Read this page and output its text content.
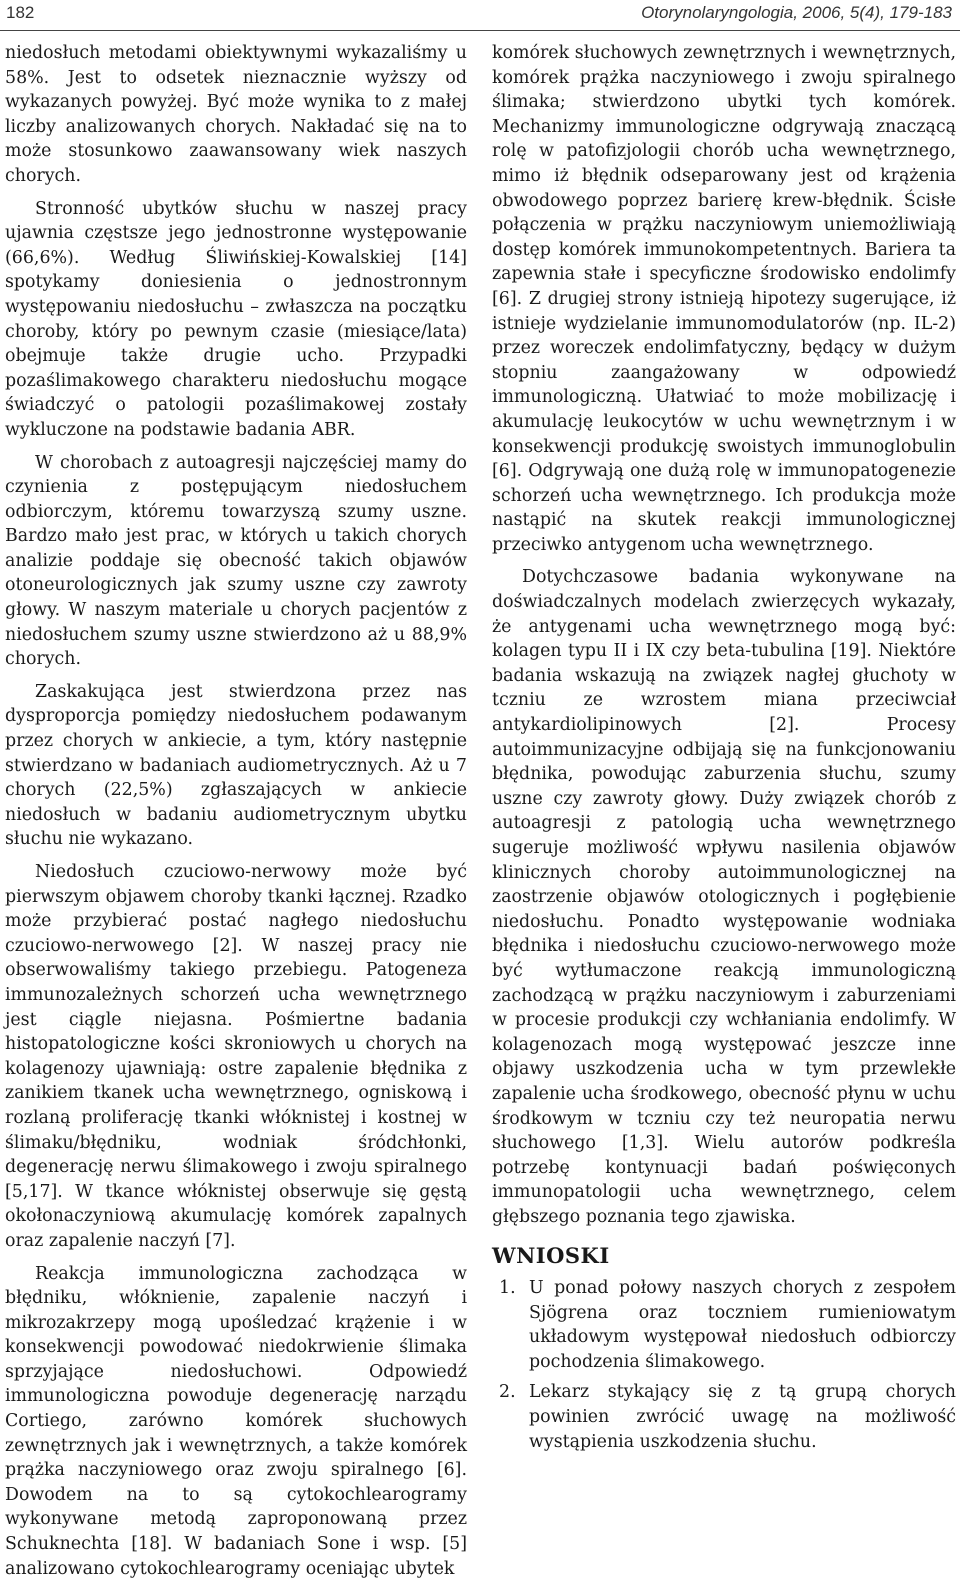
182	Otorynolaryngologia, 2006, 5(4), 179-183

niedosłuch metodami obiektywnymi wykazaliśmy u 58%. Jest to odsetek nieznacznie wyższy od wykazanych powyżej. Być może wynika to z małej liczby analizowanych chorych. Nakładać się na to może stosunkowo zaawansowany wiek naszych chorych.

Stronność ubytków słuchu w naszej pracy ujawnia częstsze jego jednostronne występowanie (66,6%). Według Śliwińskiej-Kowalskiej [14] spotykamy doniesienia o jednostronnym występowaniu niedosłuchu – zwłaszcza na początku choroby, który po pewnym czasie (miesiące/lata) obejmuje także drugie ucho. Przypadki pozaślimakowego charakteru niedosłuchu mogące świadczyć o patologii pozaślimakowej zostały wykluczone na podstawie badania ABR.

W chorobach z autoagresji najczęściej mamy do czynienia z postępującym niedosłuchem odbiorczym, któremu towarzyszą szumy uszne. Bardzo mało jest prac, w których u takich chorych analizie poddaje się obecność takich objawów otoneurologicznych jak szumy uszne czy zawroty głowy. W naszym materiale u chorych pacjentów z niedosłuchem szumy uszne stwierdzono aż u 88,9% chorych.

Zaskakująca jest stwierdzona przez nas dysproporcja pomiędzy niedosłuchem podawanym przez chorych w ankiecie, a tym, który następnie stwierdzano w badaniach audiometrycznych. Aż u 7 chorych (22,5%) zgłaszających w ankiecie niedosłuch w badaniu audiometrycznym ubytku słuchu nie wykazano.

Niedosłuch czuciowo-nerwowy może być pierwszym objawem choroby tkanki łącznej. Rzadko może przybierać postać nagłego niedosłuchu czuciowo-nerwowego [2]. W naszej pracy nie obserwowaliśmy takiego przebiegu. Patogeneza immunozależnych schorzeń ucha wewnętrznego jest ciągle niejasna. Pośmiertne badania histopatologiczne kości skroniowych u chorych na kolagenozy ujawniają: ostre zapalenie błędnika z zanikiem tkanek ucha wewnętrznego, ogniskową i rozlaną proliferację tkanki włóknistej i kostnej w ślimaku/błędniku, wodniak śródchłonki, degenerację nerwu ślimakowego i zwoju spiralnego [5,17]. W tkance włóknistej obserwuje się gęstą okołonaczyniową akumulację komórek zapalnych oraz zapalenie naczyń [7].

Reakcja immunologiczna zachodząca w błędniku, włóknienie, zapalenie naczyń i mikrozakrzepy mogą upośledzać krążenie i w konsekwencji powodować niedokrwienie ślimaka sprzyjające niedosłuchowi. Odpowiedź immunologiczna powoduje degenerację narządu Cortiego, zarówno komórek słuchowych zewnętrznych jak i wewnętrznych, a także komórek prążka naczyniowego oraz zwoju spiralnego [6]. Dowodem na to są cytokochlearogramy wykonywane metodą zaproponowaną przez Schuknechta [18]. W badaniach Sone i wsp. [5] analizowano cytokochlearogramy oceniając ubytek

komórek słuchowych zewnętrznych i wewnętrznych, komórek prążka naczyniowego i zwoju spiralnego ślimaka; stwierdzono ubytki tych komórek. Mechanizmy immunologiczne odgrywają znaczącą rolę w patofizjologii chorób ucha wewnętrznego, mimo iż błędnik odseparowany jest od krążenia obwodowego poprzez barierę krew-błędnik. Ścisłe połączenia w prążku naczyniowym uniemożliwiają dostęp komórek immunokompetentnych. Bariera ta zapewnia stałe i specyficzne środowisko endolimfy [6]. Z drugiej strony istnieją hipotezy sugerujące, iż istnieje wydzielanie immunomodulatorów (np. IL-2) przez woreczek endolimfatyczny, będący w dużym stopniu zaangażowany w odpowiedź immunologiczną. Ułatwiać to może mobilizację i akumulację leukocytów w uchu wewnętrznym i w konsekwencji produkcję swoistych immunoglobulin [6]. Odgrywają one dużą rolę w immunopatogenezie schorzeń ucha wewnętrznego. Ich produkcja może nastąpić na skutek reakcji immunologicznej przeciwko antygenom ucha wewnętrznego.

Dotychczasowe badania wykonywane na doświadczalnych modelach zwierzęcych wykazały, że antygenami ucha wewnętrznego mogą być: kolagen typu II i IX czy beta-tubulina [19]. Niektóre badania wskazują na związek nagłej głuchoty w tczniu ze wzrostem miana przeciwciał antykardiolipinowych [2]. Procesy autoimmunizacyjne odbijają się na funkcjonowaniu błędnika, powodując zaburzenia słuchu, szumy uszne czy zawroty głowy. Duży związek chorób z autoagresji z patologią ucha wewnętrznego sugeruje możliwość wpływu nasilenia objawów klinicznych choroby autoimmunologicznej na zaostrzenie objawów otologicznych i pogłębienie niedosłuchu. Ponadto występowanie wodniaka błędnika i niedosłuchu czuciowo-nerwowego może być wytłumaczone reakcją immunologiczną zachodzącą w prążku naczyniowym i zaburzeniami w procesie produkcji czy wchłaniania endolimfy. W kolagenozach mogą występować jeszcze inne objawy uszkodzenia ucha w tym przewlekłe zapalenie ucha środkowego, obecność płynu w uchu środkowym w tczniu czy też neuropatia nerwu słuchowego [1,3]. Wielu autorów podkreśla potrzebę kontynuacji badań poświęconych immunopatologii ucha wewnętrznego, celem głębszego poznania tego zjawiska.

WNIOSKI
1. U ponad połowy naszych chorych z zespołem Sjögrena oraz toczniem rumieniowatym układowym występował niedosłuch odbiorczy pochodzenia ślimakowego.
2. Lekarz stykający się z tą grupą chorych powinien zwrócić uwagę na możliwość wystąpienia uszkodzenia słuchu.
